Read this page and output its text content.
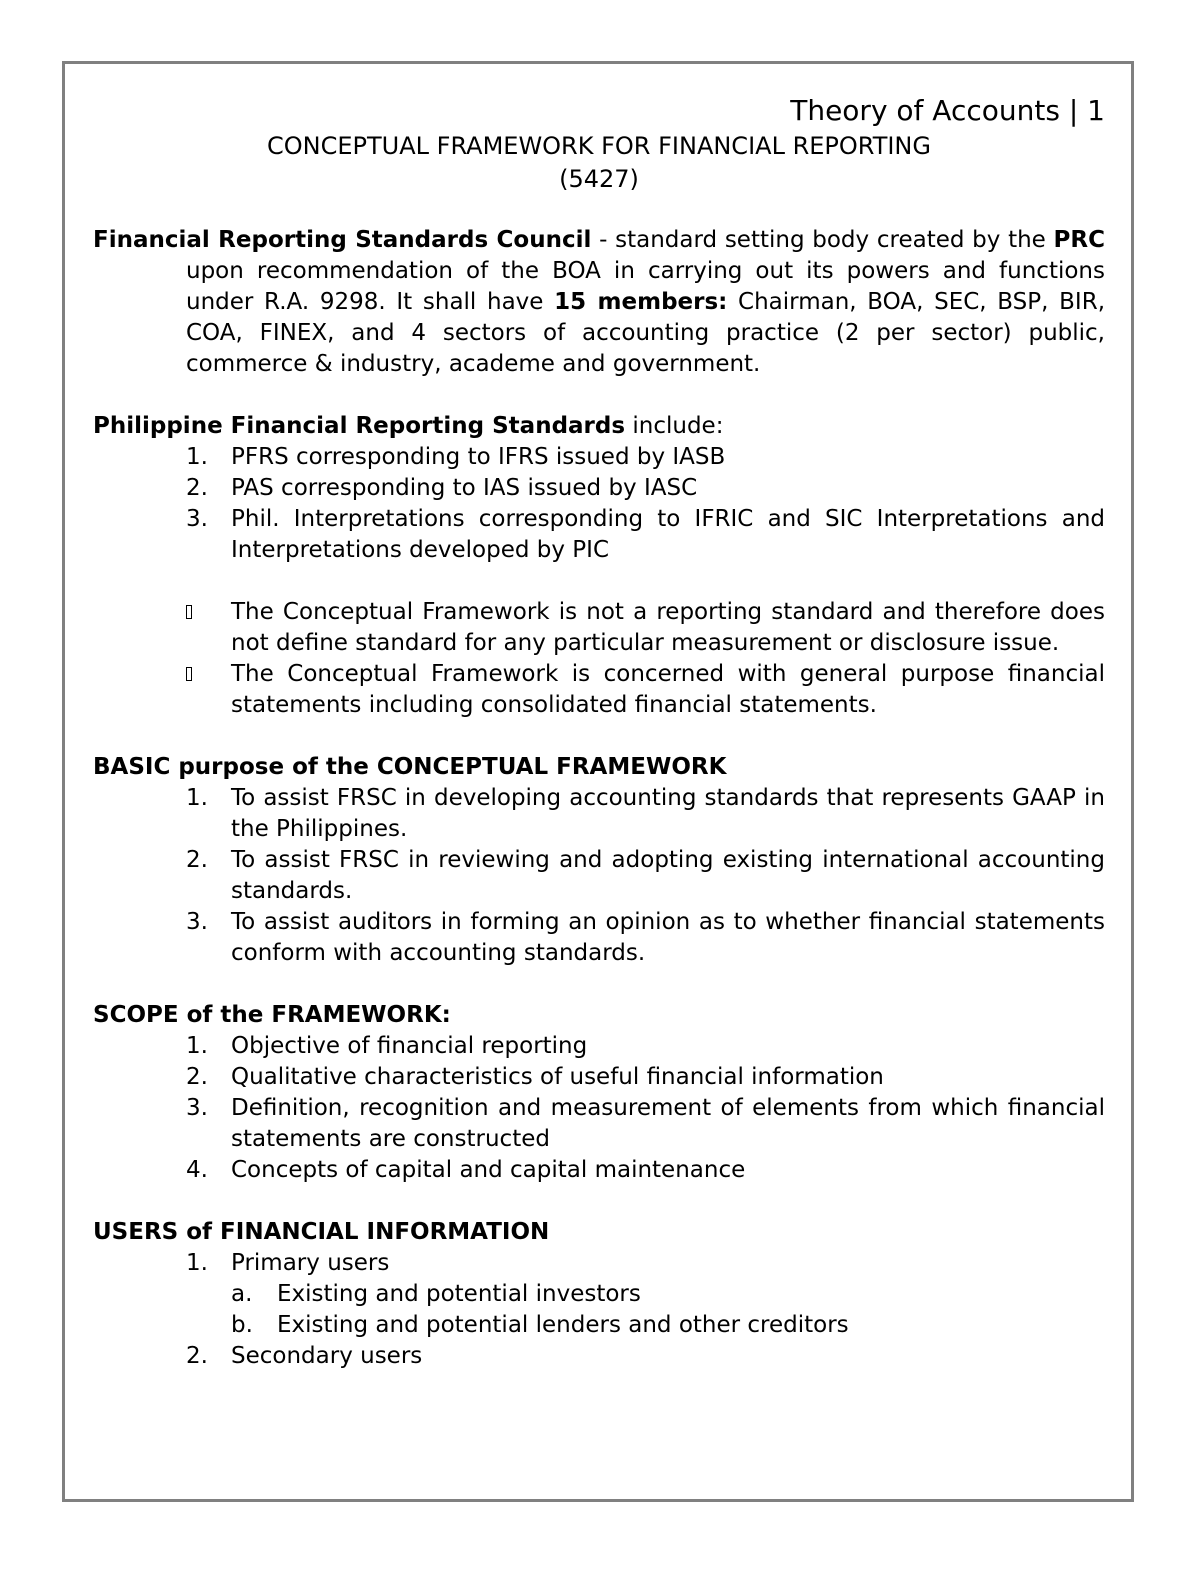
Theory of Accounts | 1
CONCEPTUAL FRAMEWORK FOR FINANCIAL REPORTING
(5427)
Financial Reporting Standards Council - standard setting body created by the PRC upon recommendation of the BOA in carrying out its powers and functions under R.A. 9298. It shall have 15 members: Chairman, BOA, SEC, BSP, BIR, COA, FINEX, and 4 sectors of accounting practice (2 per sector) public, commerce & industry, academe and government.
Philippine Financial Reporting Standards include:
1.	PFRS corresponding to IFRS issued by IASB
2.	PAS corresponding to IAS issued by IASC
3.	Phil. Interpretations corresponding to IFRIC and SIC Interpretations and Interpretations developed by PIC
The Conceptual Framework is not a reporting standard and therefore does not define standard for any particular measurement or disclosure issue.
The Conceptual Framework is concerned with general purpose financial statements including consolidated financial statements.
BASIC purpose of the CONCEPTUAL FRAMEWORK
1.	To assist FRSC in developing accounting standards that represents GAAP in the Philippines.
2.	To assist FRSC in reviewing and adopting existing international accounting standards.
3.	To assist auditors in forming an opinion as to whether financial statements conform with accounting standards.
SCOPE of the FRAMEWORK:
1.	Objective of financial reporting
2.	Qualitative characteristics of useful financial information
3.	Definition, recognition and measurement of elements from which financial statements are constructed
4.	Concepts of capital and capital maintenance
USERS of FINANCIAL INFORMATION
1.	Primary users
a.	Existing and potential investors
b.	Existing and potential lenders and other creditors
2.	Secondary users
